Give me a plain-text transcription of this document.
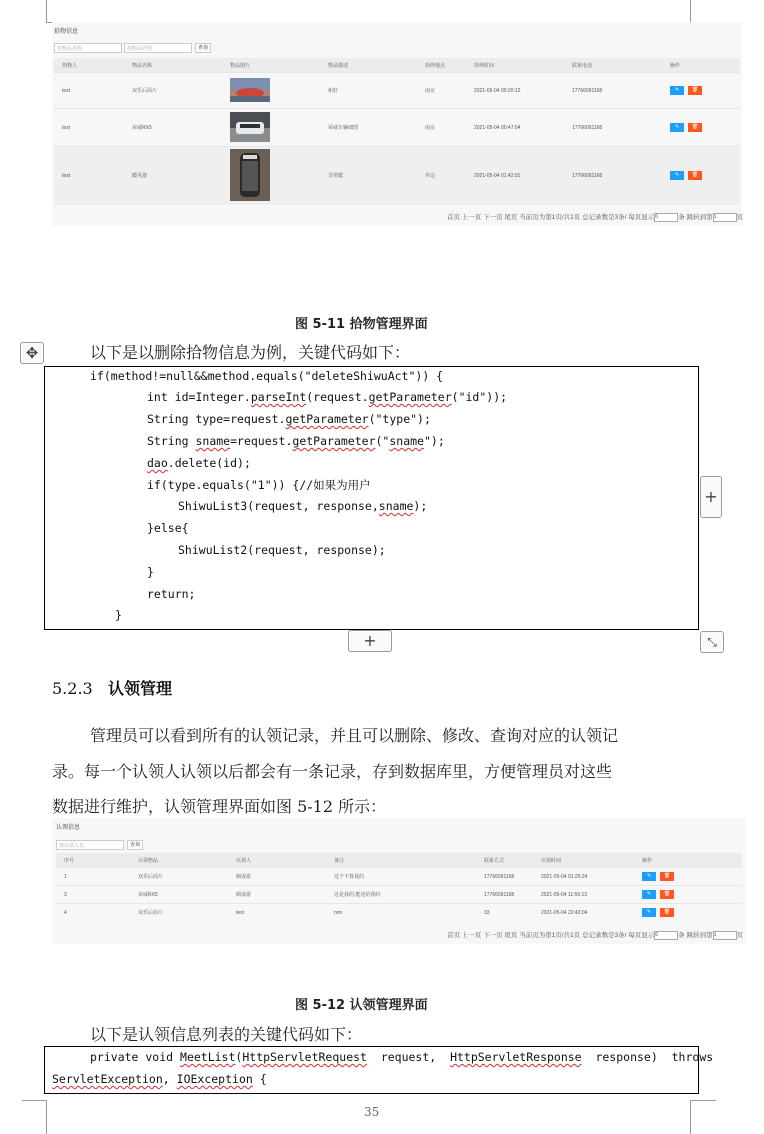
拾物信息
按物品名称	按物品详情	查询
拾物人	物品名称	物品图片	物品描述	拾得地点	拾得时间	联系电话	操作
test	双乐后面片		和好	南京	2021-05-04 00:20:12	17766091168	✎ 🗑
test	荣威RX5		荣威车辆细图	南京	2021-05-04 00:47:04	17766091168	✎ 🗑
test	暖风器		非常暖	外边	2021-05-04 01:42:01	17766091168	✎ 🗑
首页 上一页 下一页 尾页 当前页为第1页/共1页 总记录数是3条/ 每页显示6	条 跳转到第1	页
图 5-11 拾物管理界面
✥	以下是以删除拾物信息为例，关键代码如下：
if(method!=null&&method.equals("deleteShiwuAct")) {
int id=Integer.parseInt(request.getParameter("id"));
String type=request.getParameter("type");
String sname=request.getParameter("sname");
dao.delete(id);
if(type.equals("1")) {//如果为用户
ShiwuList3(request, response,sname);
}else{
ShiwuList2(request, response);
}
return;
}
+
+	⤡
5.2.3 认领管理
管理员可以看到所有的认领记录，并且可以删除、修改、查询对应的认领记
录。每一个认领人认领以后都会有一条记录，存到数据库里，方便管理员对这些
数据进行维护，认领管理界面如图 5-12 所示：
认领信息
按认领人名	查询
序号	认领物品	认领人	备注	联系方式	认领时间	操作
1	双乐后面片	顾成游	这个不算我的	17766091168	2021-05-04 01:25:24	✎ 🗑
3	荣威RX5	顾成游	这是我的,能还给我吗	17766091168	2021-05-04 11:56:13	✎ 🗑
4	双乐后面片	test	nnn	33	2021-05-04 22:43:04	✎ 🗑
首页 上一页 下一页 尾页 当前页为第1页/共1页 总记录数是3条/ 每页显示6	条 跳转到第1	页
图 5-12 认领管理界面
以下是认领信息列表的关键代码如下：
private void MeetList(HttpServletRequest  request,  HttpServletResponse  response)  throws
ServletException, IOException {
35
